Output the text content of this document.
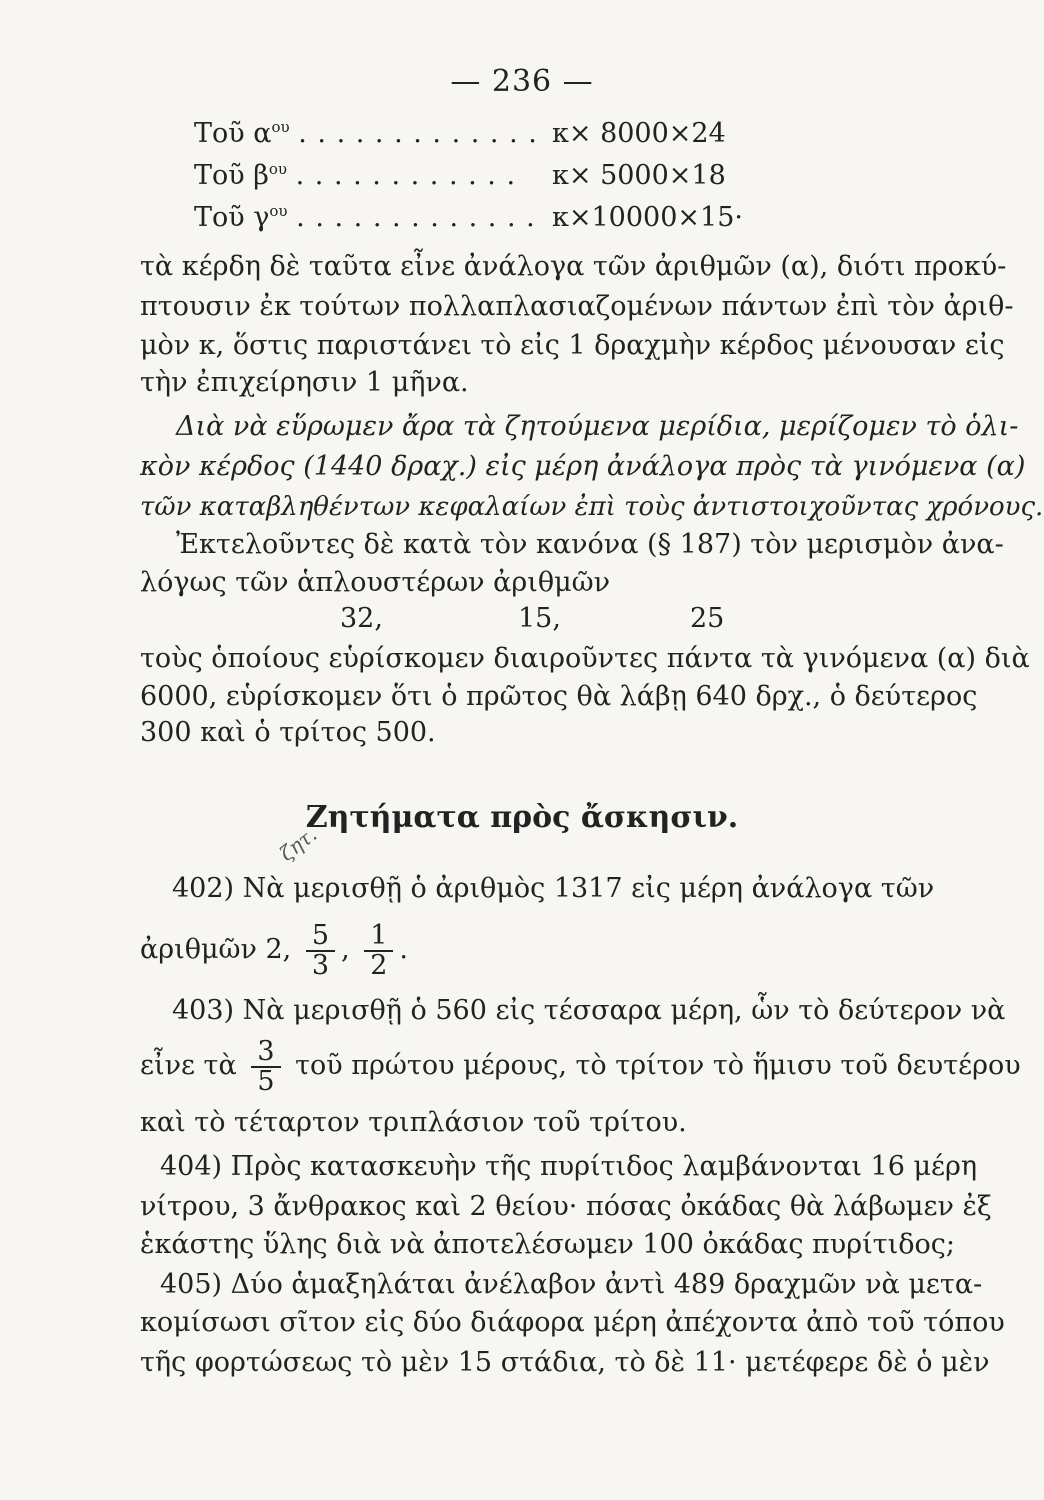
— 236 —
Τοῦ $\alpha^{o\upsilon}$ . . . . . . . . . . . . . κ× 8000×24
Τοῦ $\beta^{o\upsilon}$ . . . . . . . . . . . . κ× 5000×18
Τοῦ $\gamma^{o\upsilon}$ . . . . . . . . . . . . . κ×10000×15·
τὰ κέρδη δὲ ταῦτα εἶνε ἀνάλογα τῶν ἀριθμῶν (α), διότι προκύ-
πτουσιν ἐκ τούτων πολλαπλασιαζομένων πάντων ἐπὶ τὸν ἀριθ-
μὸν κ, ὅστις παριστάνει τὸ εἰς 1 δραχμὴν κέρδος μένουσαν εἰς
τὴν ἐπιχείρησιν 1 μῆνα.
Διὰ νὰ εὕρωμεν ἄρα τὰ ζητούμενα μερίδια, μερίζομεν τὸ ὁλι-
κὸν κέρδος (1440 δραχ.) εἰς μέρη ἀνάλογα πρὸς τὰ γινόμενα (α)
τῶν καταβληθέντων κεφαλαίων ἐπὶ τοὺς ἀντιστοιχοῦντας χρόνους.
Ἐκτελοῦντες δὲ κατὰ τὸν κανόνα (§ 187) τὸν μερισμὸν ἀνα-
λόγως τῶν ἁπλουστέρων ἀριθμῶν
32,	15,	25
τοὺς ὁποίους εὑρίσκομεν διαιροῦντες πάντα τὰ γινόμενα (α) διὰ
6000, εὑρίσκομεν ὅτι ὁ πρῶτος θὰ λάβῃ 640 δρχ., ὁ δεύτερος
300 καὶ ὁ τρίτος 500.
Ζητήματα πρὸς ἄσκησιν.
ζητ.
402) Νὰ μερισθῇ ὁ ἀριθμὸς 1317 εἰς μέρη ἀνάλογα τῶν
ἀριθμῶν 2, $\frac{5}{3}$ , $\frac{1}{2}$ .
403) Νὰ μερισθῇ ὁ 560 εἰς τέσσαρα μέρη, ὧν τὸ δεύτερον νὰ
εἶνε τὰ $\frac{3}{5}$ τοῦ πρώτου μέρους, τὸ τρίτον τὸ ἥμισυ τοῦ δευτέρου
καὶ τὸ τέταρτον τριπλάσιον τοῦ τρίτου.
404) Πρὸς κατασκευὴν τῆς πυρίτιδος λαμβάνονται 16 μέρη
νίτρου, 3 ἄνθρακος καὶ 2 θείου· πόσας ὀκάδας θὰ λάβωμεν ἐξ
ἑκάστης ὕλης διὰ νὰ ἀποτελέσωμεν 100 ὀκάδας πυρίτιδος;
405) Δύο ἁμαξηλάται ἀνέλαβον ἀντὶ 489 δραχμῶν νὰ μετα-
κομίσωσι σῖτον εἰς δύο διάφορα μέρη ἀπέχοντα ἀπὸ τοῦ τόπου
τῆς φορτώσεως τὸ μὲν 15 στάδια, τὸ δὲ 11· μετέφερε δὲ ὁ μὲν
